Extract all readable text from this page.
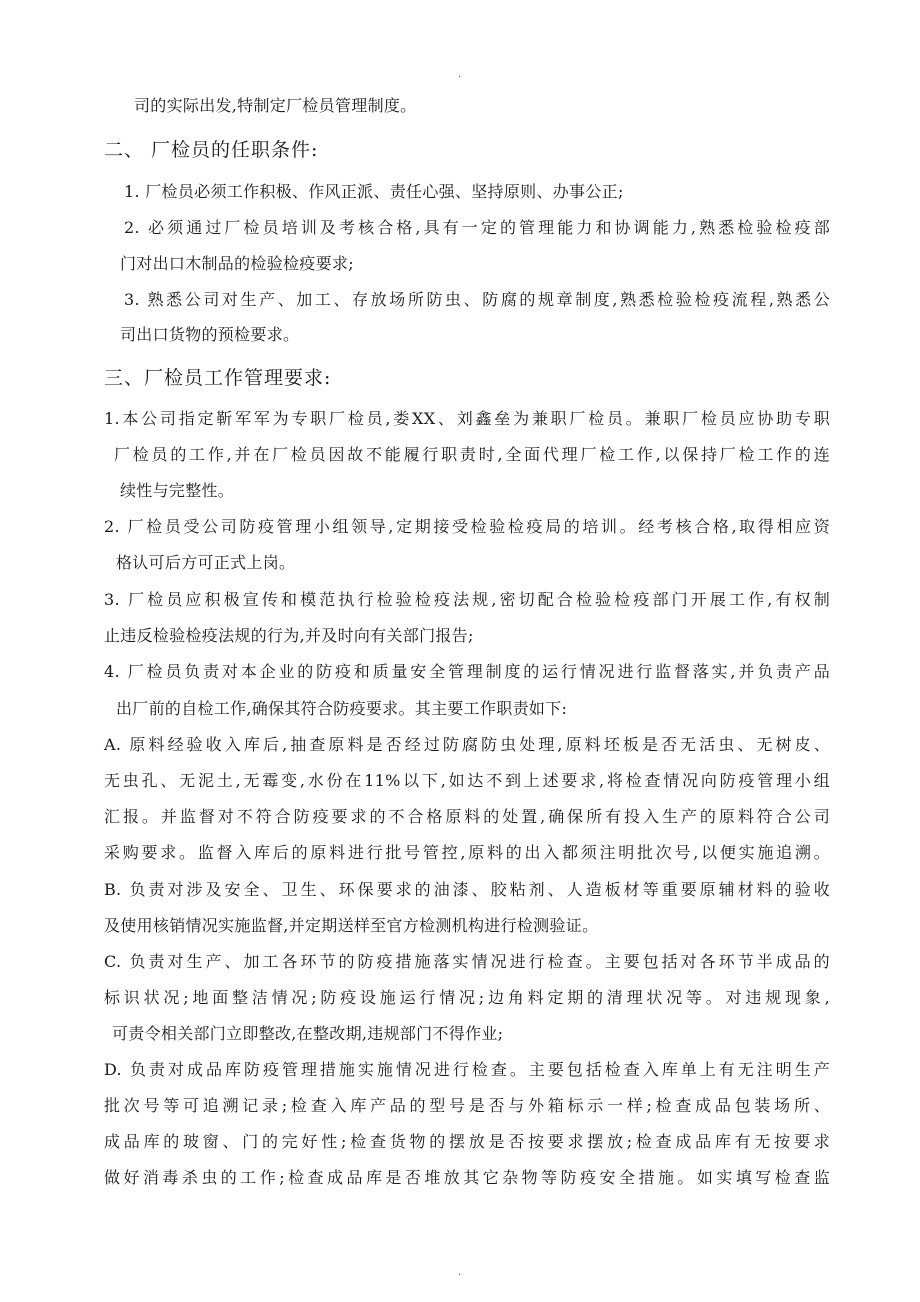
.
司的实际出发,特制定厂检员管理制度。
二、 厂检员的任职条件:
1. 厂检员必须工作积极、作风正派、责任心强、坚持原则、办事公正;
2. 必须通过厂检员培训及考核合格,具有一定的管理能力和协调能力,熟悉检验检疫部
门对出口木制品的检验检疫要求;
3. 熟悉公司对生产、加工、存放场所防虫、防腐的规章制度,熟悉检验检疫流程,熟悉公
司出口货物的预检要求。
三、厂检员工作管理要求:
1.本公司指定靳军军为专职厂检员,娄XX、刘鑫垒为兼职厂检员。兼职厂检员应协助专职
厂检员的工作,并在厂检员因故不能履行职责时,全面代理厂检工作,以保持厂检工作的连
续性与完整性。
2. 厂检员受公司防疫管理小组领导,定期接受检验检疫局的培训。经考核合格,取得相应资
格认可后方可正式上岗。
3. 厂检员应积极宣传和模范执行检验检疫法规,密切配合检验检疫部门开展工作,有权制
止违反检验检疫法规的行为,并及时向有关部门报告;
4. 厂检员负责对本企业的防疫和质量安全管理制度的运行情况进行监督落实,并负责产品
出厂前的自检工作,确保其符合防疫要求。其主要工作职责如下:
A. 原料经验收入库后,抽查原料是否经过防腐防虫处理,原料坯板是否无活虫、无树皮、
无虫孔、无泥土,无霉变,水份在11%以下,如达不到上述要求,将检查情况向防疫管理小组
汇报。并监督对不符合防疫要求的不合格原料的处置,确保所有投入生产的原料符合公司
采购要求。监督入库后的原料进行批号管控,原料的出入都须注明批次号,以便实施追溯。
B. 负责对涉及安全、卫生、环保要求的油漆、胶粘剂、人造板材等重要原辅材料的验收
及使用核销情况实施监督,并定期送样至官方检测机构进行检测验证。
C. 负责对生产、加工各环节的防疫措施落实情况进行检查。主要包括对各环节半成品的
标识状况;地面整洁情况;防疫设施运行情况;边角料定期的清理状况等。对违规现象,
可责令相关部门立即整改,在整改期,违规部门不得作业;
D. 负责对成品库防疫管理措施实施情况进行检查。主要包括检查入库单上有无注明生产
批次号等可追溯记录;检查入库产品的型号是否与外箱标示一样;检查成品包装场所、
成品库的玻窗、门的完好性;检查货物的摆放是否按要求摆放;检查成品库有无按要求
做好消毒杀虫的工作;检查成品库是否堆放其它杂物等防疫安全措施。如实填写检查监
.
